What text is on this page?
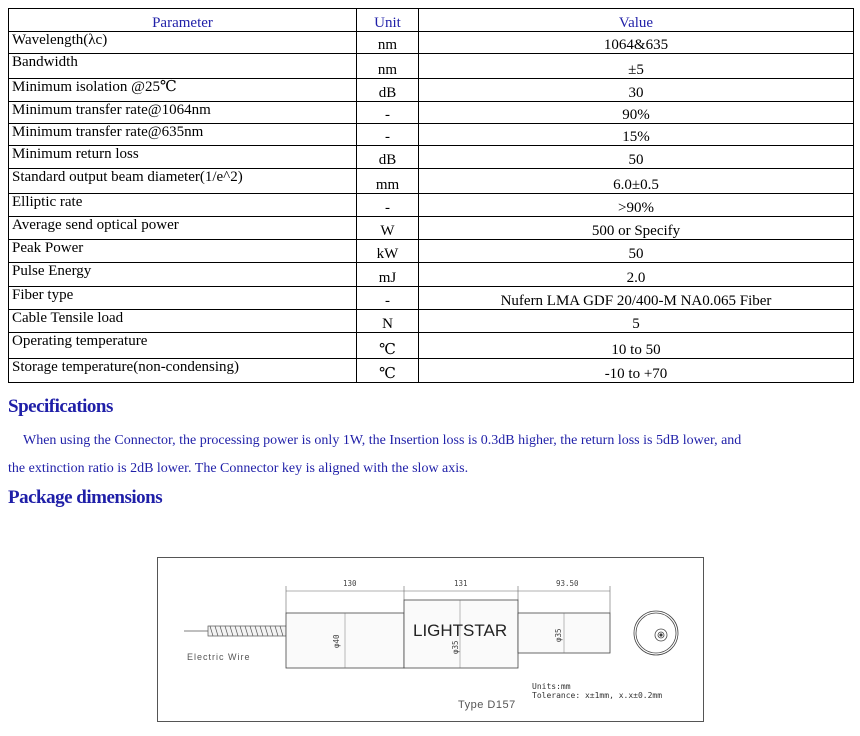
Parameter	Unit	Value
Wavelength(λc)	nm	1064&635
Bandwidth	nm	±5
Minimum isolation @25℃	dB	30
Minimum transfer rate@1064nm	-	90%
Minimum transfer rate@635nm	-	15%
Minimum return loss	dB	50
Standard output beam diameter(1/e^2)	mm	6.0±0.5
Elliptic rate	-	>90%
Average send optical power	W	500 or Specify
Peak Power	kW	50
Pulse Energy	mJ	2.0
Fiber type	-	Nufern LMA GDF 20/400-M NA0.065 Fiber
Cable Tensile load	N	5
Operating temperature	℃	10 to 50
Storage temperature(non-condensing)	℃	-10 to +70
Specifications
When using the Connector, the processing power is only 1W, the Insertion loss is 0.3dB higher, the return loss is 5dB lower, and
the extinction ratio is 2dB lower. The Connector key is aligned with the slow axis.
Package dimensions
130	131	93.50
φ40	φ35
φ35
Electric Wire
LIGHTSTAR
Type D157
Units:mm
Tolerance: x±1mm, x.x±0.2mm
